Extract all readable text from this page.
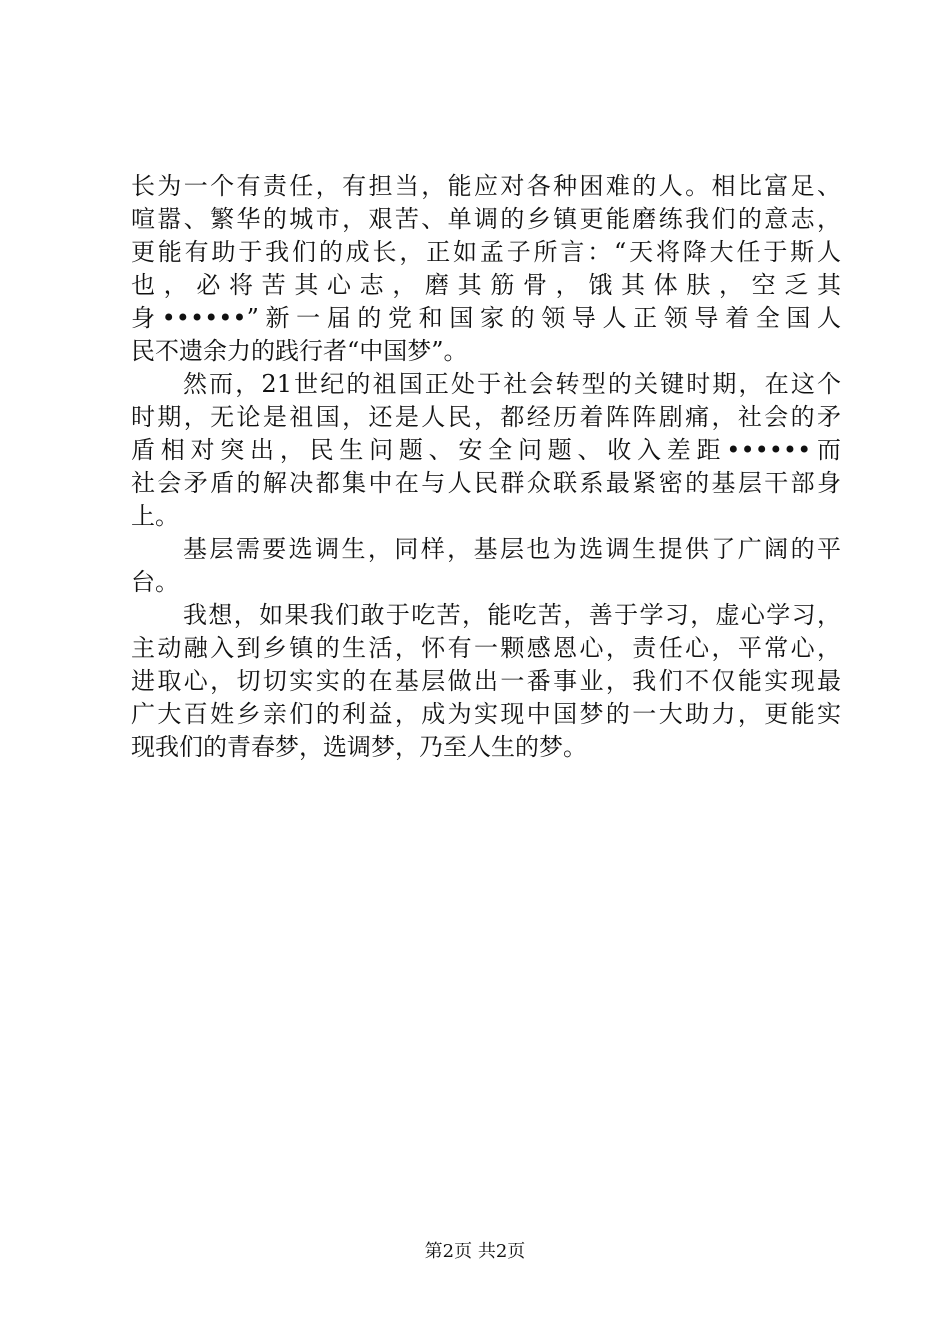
长为一个有责任，有担当，能应对各种困难的人。相比富足、
喧嚣、繁华的城市，艰苦、单调的乡镇更能磨练我们的意志，
更能有助于我们的成长，正如孟子所言：“天将降大任于斯人
也，必将苦其心志，磨其筋骨，饿其体肤，空乏其
身••••••”新一届的党和国家的领导人正领导着全国人
民不遗余力的践行者“中国梦”。
然而，21世纪的祖国正处于社会转型的关键时期，在这个
时期，无论是祖国，还是人民，都经历着阵阵剧痛，社会的矛
盾相对突出，民生问题、安全问题、收入差距••••••而
社会矛盾的解决都集中在与人民群众联系最紧密的基层干部身
上。
基层需要选调生，同样，基层也为选调生提供了广阔的平
台。
我想，如果我们敢于吃苦，能吃苦，善于学习，虚心学习，
主动融入到乡镇的生活，怀有一颗感恩心，责任心，平常心，
进取心，切切实实的在基层做出一番事业，我们不仅能实现最
广大百姓乡亲们的利益，成为实现中国梦的一大助力，更能实
现我们的青春梦，选调梦，乃至人生的梦。
第2页 共2页
